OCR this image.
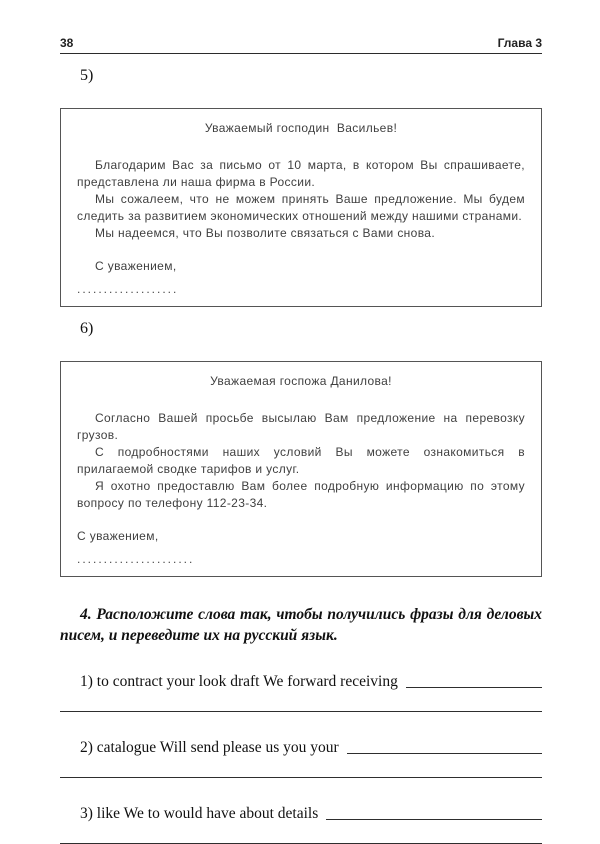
38	Глава 3
5)
Уважаемый господин  Васильев!

Благодарим Вас за письмо от 10 марта, в котором Вы спрашиваете, представлена ли наша фирма в России.

Мы сожалеем, что не можем принять Ваше предложение. Мы будем следить за развитием экономических отношений между нашими странами.

Мы надеемся, что Вы позволите связаться с Вами снова.

С уважением,
...................
6)
Уважаемая госпожа Данилова!

Согласно Вашей просьбе высылаю Вам предложение на перевозку грузов.

С подробностями наших условий Вы можете ознакомиться в прилагаемой сводке тарифов и услуг.

Я охотно предоставлю Вам более подробную информацию по этому вопросу по телефону 112-23-34.

С уважением,
......................
4. Расположите слова так, чтобы получились фразы для деловых писем, и переведите их на русский язык.
1) to contract your look draft We forward receiving
2) catalogue Will send please us you your
3) like We to would have about details
